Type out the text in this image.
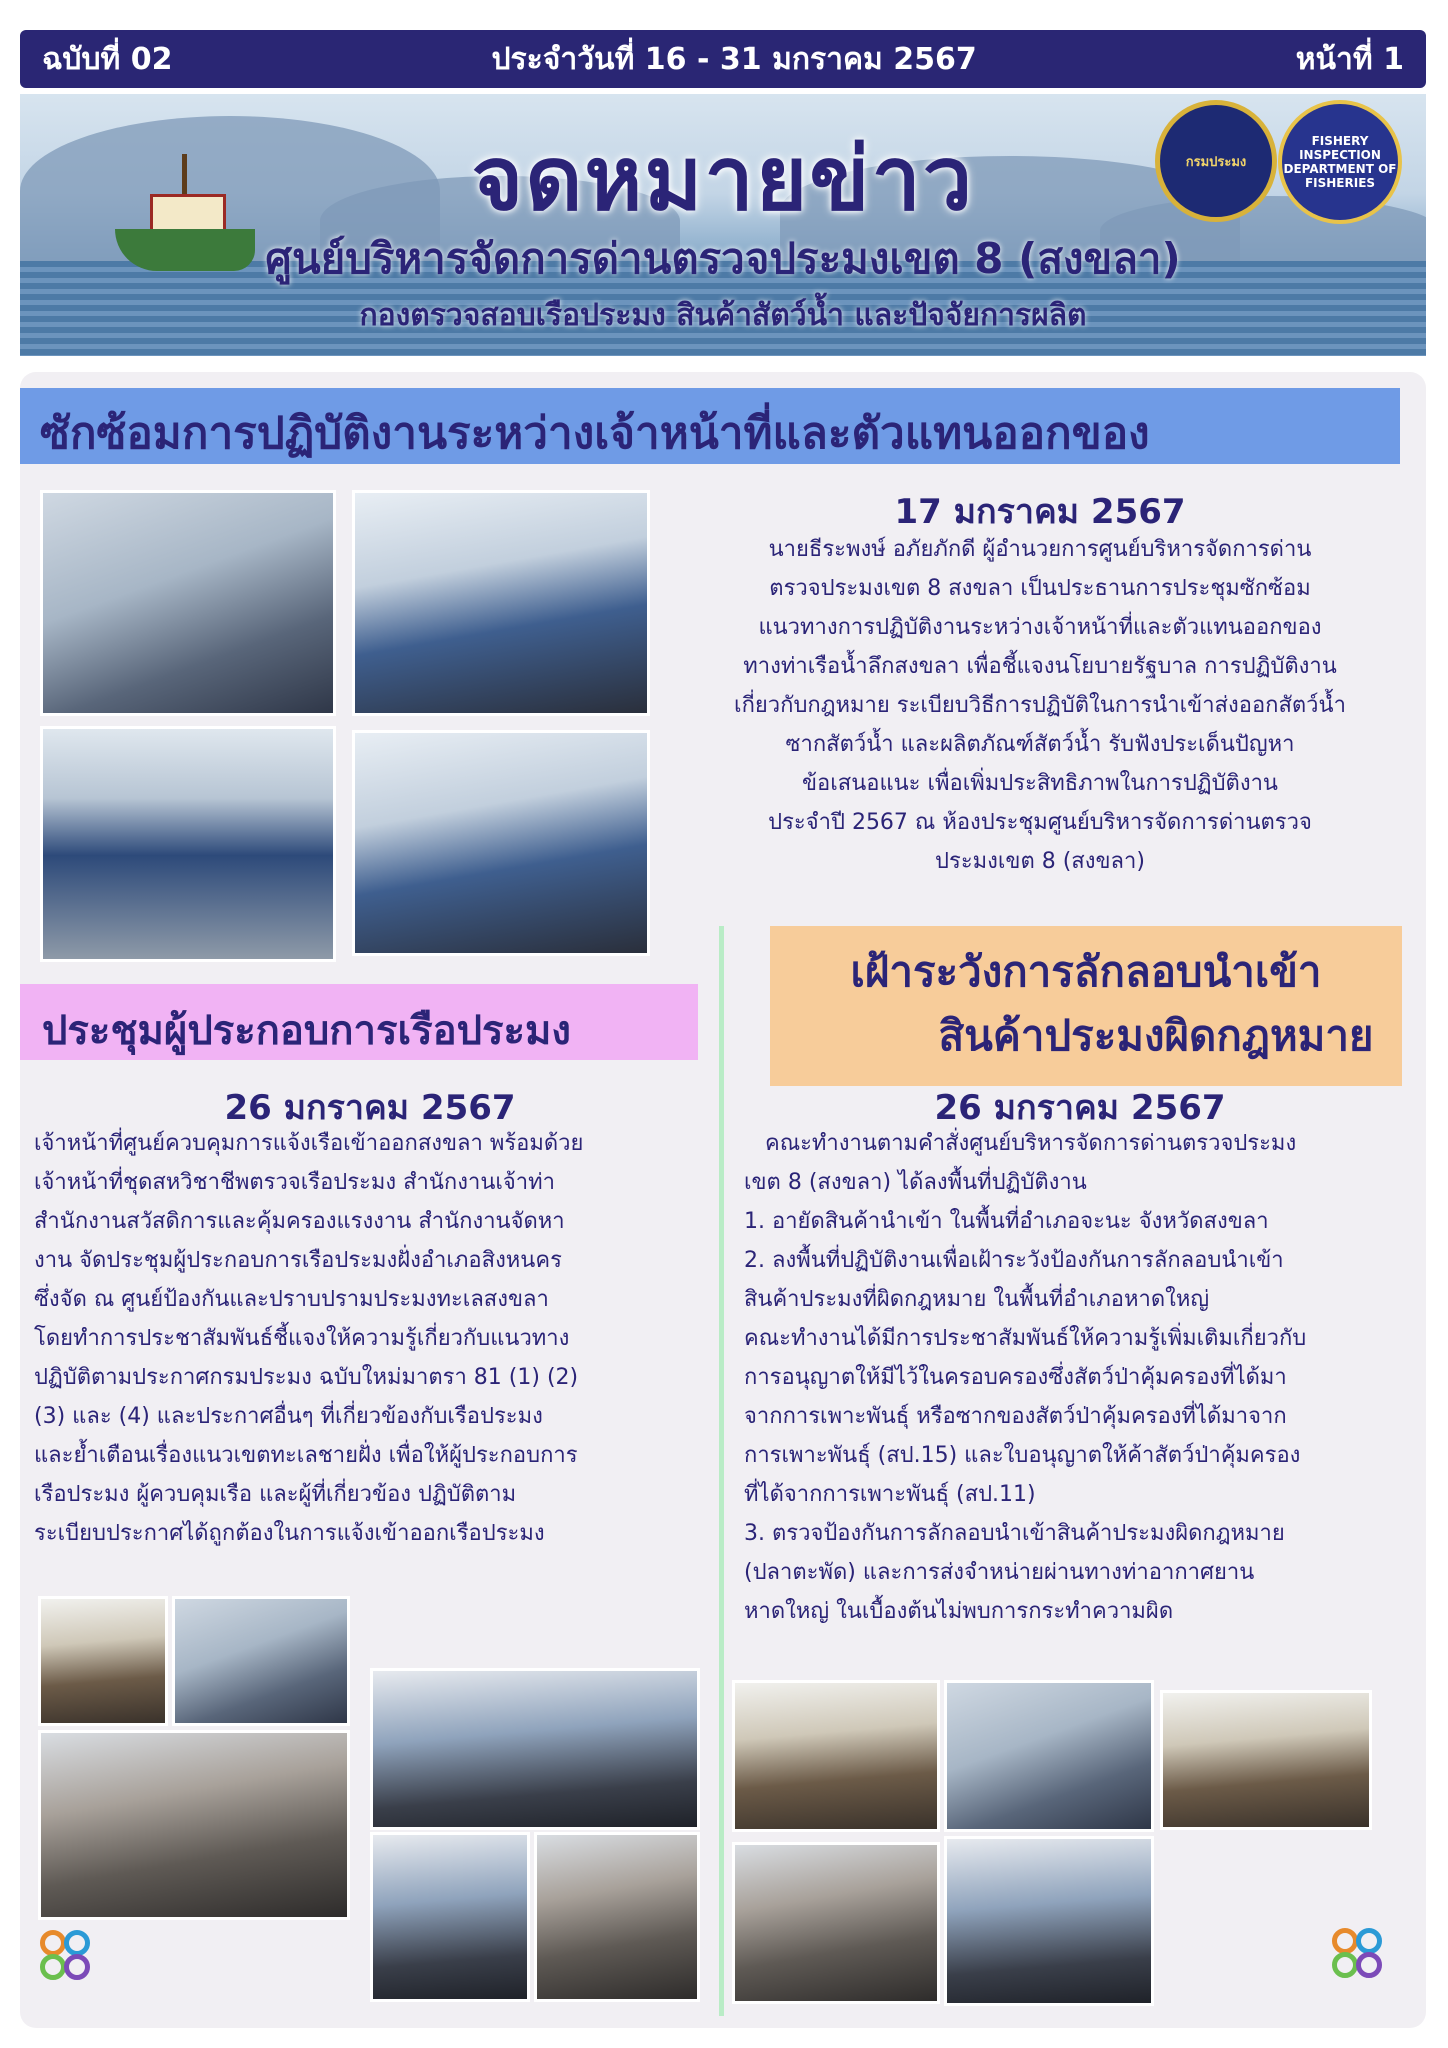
ฉบับที่ 02	ประจำวันที่ 16 - 31 มกราคม 2567	หน้าที่ 1
จดหมายข่าว
ศูนย์บริหารจัดการด่านตรวจประมงเขต 8 (สงขลา)
กองตรวจสอบเรือประมง สินค้าสัตว์น้ำ และปัจจัยการผลิต
กรมประมง
FISHERY INSPECTION DEPARTMENT OF FISHERIES
ซักซ้อมการปฏิบัติงานระหว่างเจ้าหน้าที่และตัวแทนออกของ
17 มกราคม 2567
นายธีระพงษ์ อภัยภักดี ผู้อำนวยการศูนย์บริหารจัดการด่าน
ตรวจประมงเขต 8 สงขลา เป็นประธานการประชุมซักซ้อม
แนวทางการปฏิบัติงานระหว่างเจ้าหน้าที่และตัวแทนออกของ
ทางท่าเรือน้ำลึกสงขลา เพื่อชี้แจงนโยบายรัฐบาล การปฏิบัติงาน
เกี่ยวกับกฎหมาย ระเบียบวิธีการปฏิบัติในการนำเข้าส่งออกสัตว์น้ำ
ซากสัตว์น้ำ และผลิตภัณฑ์สัตว์น้ำ รับฟังประเด็นปัญหา
ข้อเสนอแนะ เพื่อเพิ่มประสิทธิภาพในการปฏิบัติงาน
ประจำปี 2567 ณ ห้องประชุมศูนย์บริหารจัดการด่านตรวจ
ประมงเขต 8 (สงขลา)
ประชุมผู้ประกอบการเรือประมง
26 มกราคม 2567
เจ้าหน้าที่ศูนย์ควบคุมการแจ้งเรือเข้าออกสงขลา พร้อมด้วย
เจ้าหน้าที่ชุดสหวิชาชีพตรวจเรือประมง สำนักงานเจ้าท่า
สำนักงานสวัสดิการและคุ้มครองแรงงาน สำนักงานจัดหา
งาน จัดประชุมผู้ประกอบการเรือประมงฝั่งอำเภอสิงหนคร
ซึ่งจัด ณ ศูนย์ป้องกันและปราบปรามประมงทะเลสงขลา
โดยทำการประชาสัมพันธ์ชี้แจงให้ความรู้เกี่ยวกับแนวทาง
ปฏิบัติตามประกาศกรมประมง ฉบับใหม่มาตรา 81 (1) (2)
(3) และ (4) และประกาศอื่นๆ ที่เกี่ยวข้องกับเรือประมง
และย้ำเตือนเรื่องแนวเขตทะเลชายฝั่ง เพื่อให้ผู้ประกอบการ
เรือประมง ผู้ควบคุมเรือ และผู้ที่เกี่ยวข้อง ปฏิบัติตาม
ระเบียบประกาศได้ถูกต้องในการแจ้งเข้าออกเรือประมง
เฝ้าระวังการลักลอบนำเข้า
สินค้าประมงผิดกฎหมาย
26 มกราคม 2567
คณะทำงานตามคำสั่งศูนย์บริหารจัดการด่านตรวจประมง
เขต 8 (สงขลา) ได้ลงพื้นที่ปฏิบัติงาน
1. อายัดสินค้านำเข้า ในพื้นที่อำเภอจะนะ จังหวัดสงขลา
2. ลงพื้นที่ปฏิบัติงานเพื่อเฝ้าระวังป้องกันการลักลอบนำเข้า
สินค้าประมงที่ผิดกฎหมาย ในพื้นที่อำเภอหาดใหญ่
คณะทำงานได้มีการประชาสัมพันธ์ให้ความรู้เพิ่มเติมเกี่ยวกับ
การอนุญาตให้มีไว้ในครอบครองซึ่งสัตว์ป่าคุ้มครองที่ได้มา
จากการเพาะพันธุ์ หรือซากของสัตว์ป่าคุ้มครองที่ได้มาจาก
การเพาะพันธุ์ (สป.15) และใบอนุญาตให้ค้าสัตว์ป่าคุ้มครอง
ที่ได้จากการเพาะพันธุ์ (สป.11)
3. ตรวจป้องกันการลักลอบนำเข้าสินค้าประมงผิดกฎหมาย
(ปลาตะพัด) และการส่งจำหน่ายผ่านทางท่าอากาศยาน
หาดใหญ่ ในเบื้องต้นไม่พบการกระทำความผิด
